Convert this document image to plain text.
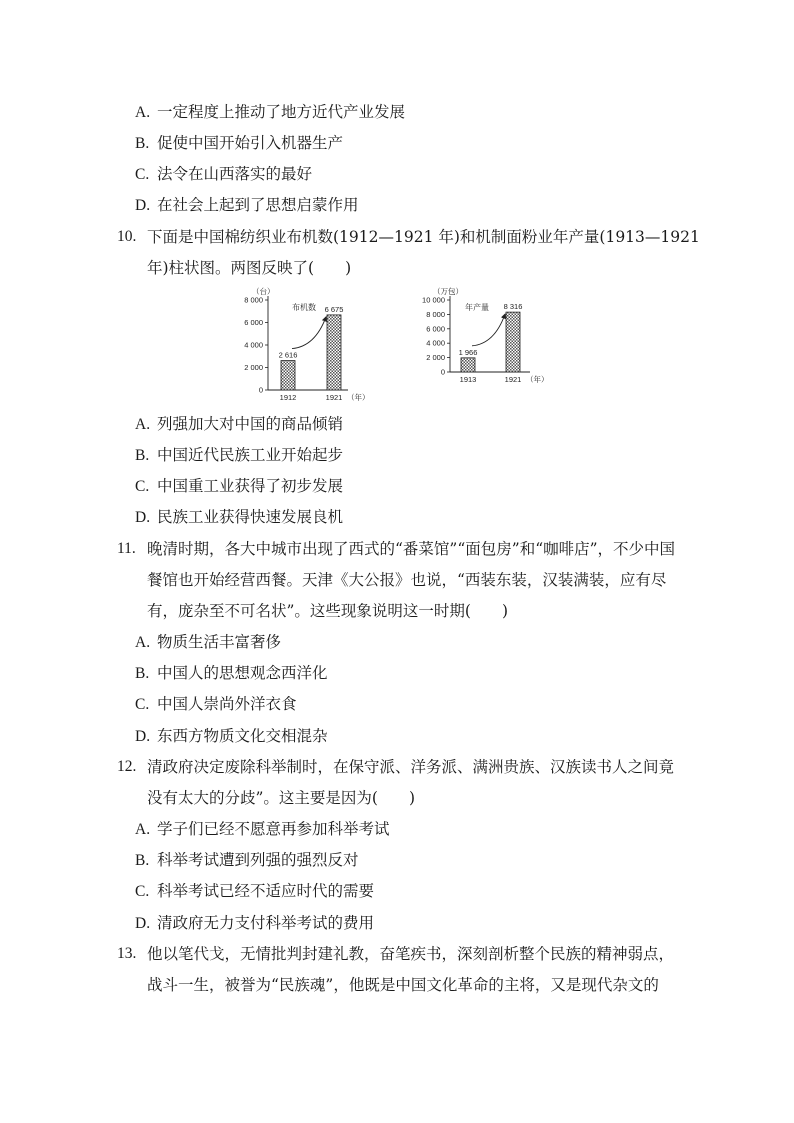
A. 一定程度上推动了地方近代产业发展
B. 促使中国开始引入机器生产
C. 法令在山西落实的最好
D. 在社会上起到了思想启蒙作用
10. 下面是中国棉纺织业布机数(1912—1921 年)和机制面粉业年产量(1913—1921
年)柱状图。两图反映了(　　)
（台）
0
2 000
4 000
6 000
8 000
布机数
2 616
1912
6 675
1921 （年）
（万包）
0
2 000
4 000
6 000
8 000
10 000
年产量
1 966
1913
8 316
1921 （年）
A. 列强加大对中国的商品倾销
B. 中国近代民族工业开始起步
C. 中国重工业获得了初步发展
D. 民族工业获得快速发展良机
11. 晚清时期，各大中城市出现了西式的“番菜馆”“面包房”和“咖啡店”，不少中国
餐馆也开始经营西餐。天津《大公报》也说，“西装东装，汉装满装，应有尽
有，庞杂至不可名状”。这些现象说明这一时期(　　)
A. 物质生活丰富奢侈
B. 中国人的思想观念西洋化
C. 中国人崇尚外洋衣食
D. 东西方物质文化交相混杂
12. 清政府决定废除科举制时，在保守派、洋务派、满洲贵族、汉族读书人之间竟
没有太大的分歧”。这主要是因为(　　)
A. 学子们已经不愿意再参加科举考试
B. 科举考试遭到列强的强烈反对
C. 科举考试已经不适应时代的需要
D. 清政府无力支付科举考试的费用
13. 他以笔代戈，无情批判封建礼教，奋笔疾书，深刻剖析整个民族的精神弱点，
战斗一生，被誉为“民族魂”，他既是中国文化革命的主将，又是现代杂文的
